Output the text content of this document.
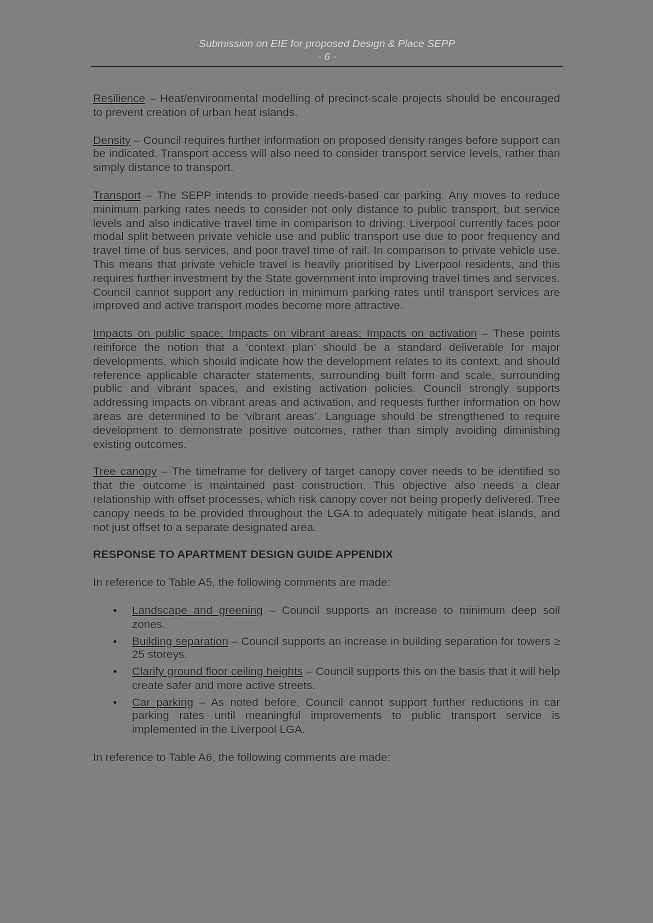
Submission on EIE for proposed Design & Place SEPP
- 6 -

Resilience – Heat/environmental modelling of precinct-scale projects should be encouraged to prevent creation of urban heat islands.

Density – Council requires further information on proposed density ranges before support can be indicated. Transport access will also need to consider transport service levels, rather than simply distance to transport.

Transport – The SEPP intends to provide needs-based car parking. Any moves to reduce minimum parking rates needs to consider not only distance to public transport, but service levels and also indicative travel time in comparison to driving. Liverpool currently faces poor modal split between private vehicle use and public transport use due to poor frequency and travel time of bus services, and poor travel time of rail. In comparison to private vehicle use. This means that private vehicle travel is heavily prioritised by Liverpool residents, and this requires further investment by the State government into improving travel times and services. Council cannot support any reduction in minimum parking rates until transport services are improved and active transport modes become more attractive.

Impacts on public space; Impacts on vibrant areas; Impacts on activation – These points reinforce the notion that a ‘context plan’ should be a standard deliverable for major developments, which should indicate how the development relates to its context, and should reference applicable character statements, surrounding built form and scale, surrounding public and vibrant spaces, and existing activation policies. Council strongly supports addressing impacts on vibrant areas and activation, and requests further information on how areas are determined to be ‘vibrant areas’. Language should be strengthened to require development to demonstrate positive outcomes, rather than simply avoiding diminishing existing outcomes.

Tree canopy – The timeframe for delivery of target canopy cover needs to be identified so that the outcome is maintained past construction. This objective also needs a clear relationship with offset processes, which risk canopy cover not being properly delivered. Tree canopy needs to be provided throughout the LGA to adequately mitigate heat islands, and not just offset to a separate designated area.

RESPONSE TO APARTMENT DESIGN GUIDE APPENDIX

In reference to Table A5, the following comments are made:

• Landscape and greening – Council supports an increase to minimum deep soil zones.
• Building separation – Council supports an increase in building separation for towers ≥ 25 storeys.
• Clarify ground floor ceiling heights – Council supports this on the basis that it will help create safer and more active streets.
• Car parking – As noted before, Council cannot support further reductions in car parking rates until meaningful improvements to public transport service is implemented in the Liverpool LGA.

In reference to Table A6, the following comments are made:
